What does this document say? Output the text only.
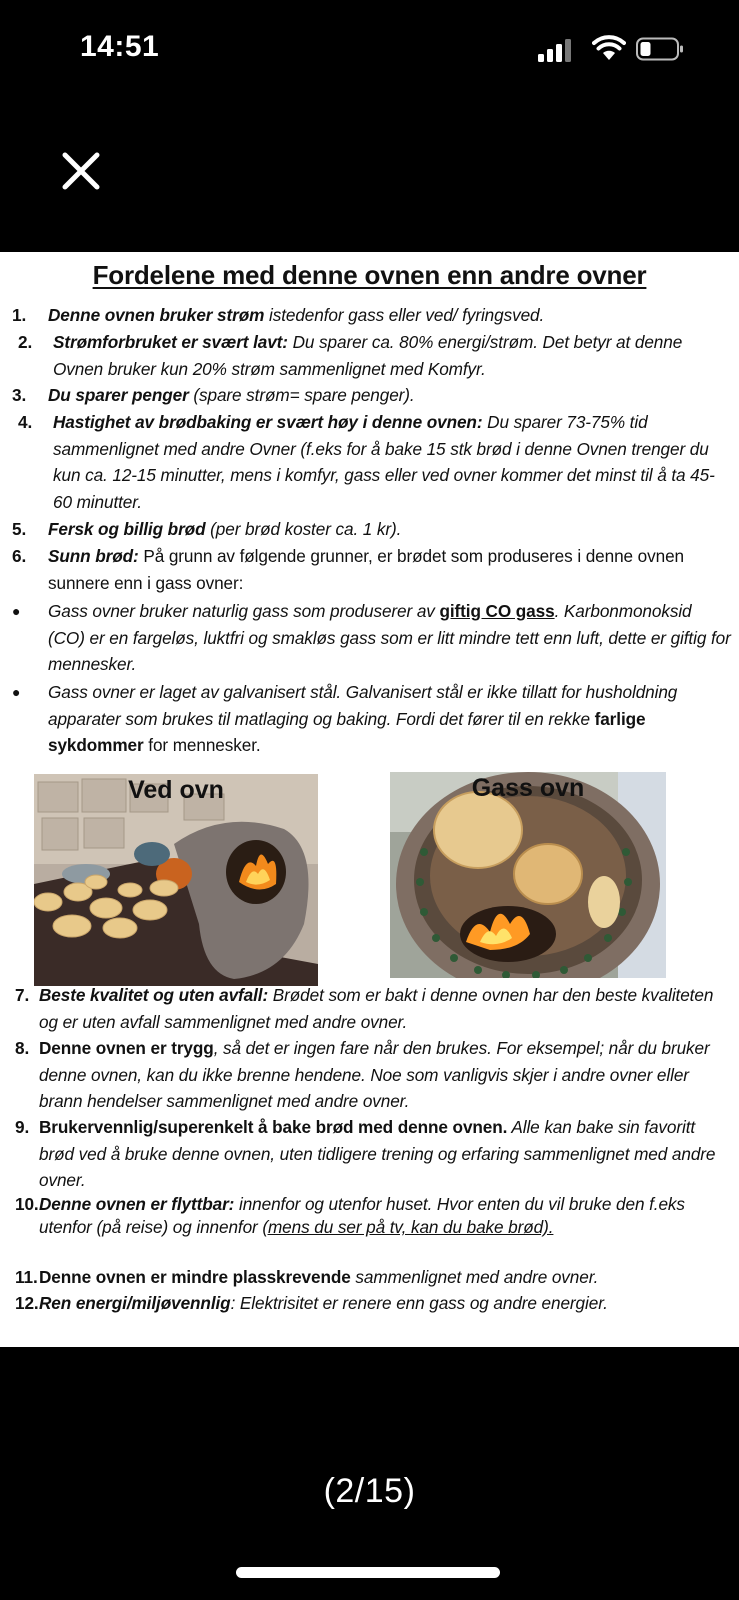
14:51
Fordelene med denne ovnen enn andre ovner
1.	Denne ovnen bruker strøm istedenfor gass eller ved/ fyringsved.
2.	Strømforbruket er svært lavt: Du sparer ca. 80% energi/strøm. Det betyr at denne Ovnen bruker kun 20% strøm sammenlignet med Komfyr.
3.	Du sparer penger (spare strøm= spare penger).
4.	Hastighet av brødbaking er svært høy i denne ovnen: Du sparer 73-75% tid sammenlignet med andre Ovner (f.eks for å bake 15 stk brød i denne Ovnen trenger du kun ca. 12-15 minutter, mens i komfyr, gass eller ved ovner kommer det minst til å ta 45-60 minutter.
5.	Fersk og billig brød (per brød koster ca. 1 kr).
6.	Sunn brød: På grunn av følgende grunner, er brødet som produseres i denne ovnen sunnere enn i gass ovner:
●	Gass ovner bruker naturlig gass som produserer av giftig CO gass. Karbonmonoksid (CO) er en fargeløs, luktfri og smakløs gass som er litt mindre tett enn luft, dette er giftig for mennesker.
●	Gass ovner er laget av galvanisert stål. Galvanisert stål er ikke tillatt for husholdning apparater som brukes til matlaging og baking. Fordi det fører til en rekke farlige sykdommer for mennesker.
Ved ovn	Gass ovn
7. Beste kvalitet og uten avfall: Brødet som er bakt i denne ovnen har den beste kvaliteten og er uten avfall sammenlignet med andre ovner.
8. Denne ovnen er trygg, så det er ingen fare når den brukes. For eksempel; når du bruker denne ovnen, kan du ikke brenne hendene. Noe som vanligvis skjer i andre ovner eller brann hendelser sammenlignet med andre ovner.
9. Brukervennlig/superenkelt å bake brød med denne ovnen. Alle kan bake sin favoritt brød ved å bruke denne ovnen, uten tidligere trening og erfaring sammenlignet med andre ovner.
10. Denne ovnen er flyttbar: innenfor og utenfor huset. Hvor enten du vil bruke den f.eks utenfor (på reise) og innenfor (mens du ser på tv, kan du bake brød).
11. Denne ovnen er mindre plasskrevende sammenlignet med andre ovner.
12. Ren energi/miljøvennlig: Elektrisitet er renere enn gass og andre energier.
(2/15)
